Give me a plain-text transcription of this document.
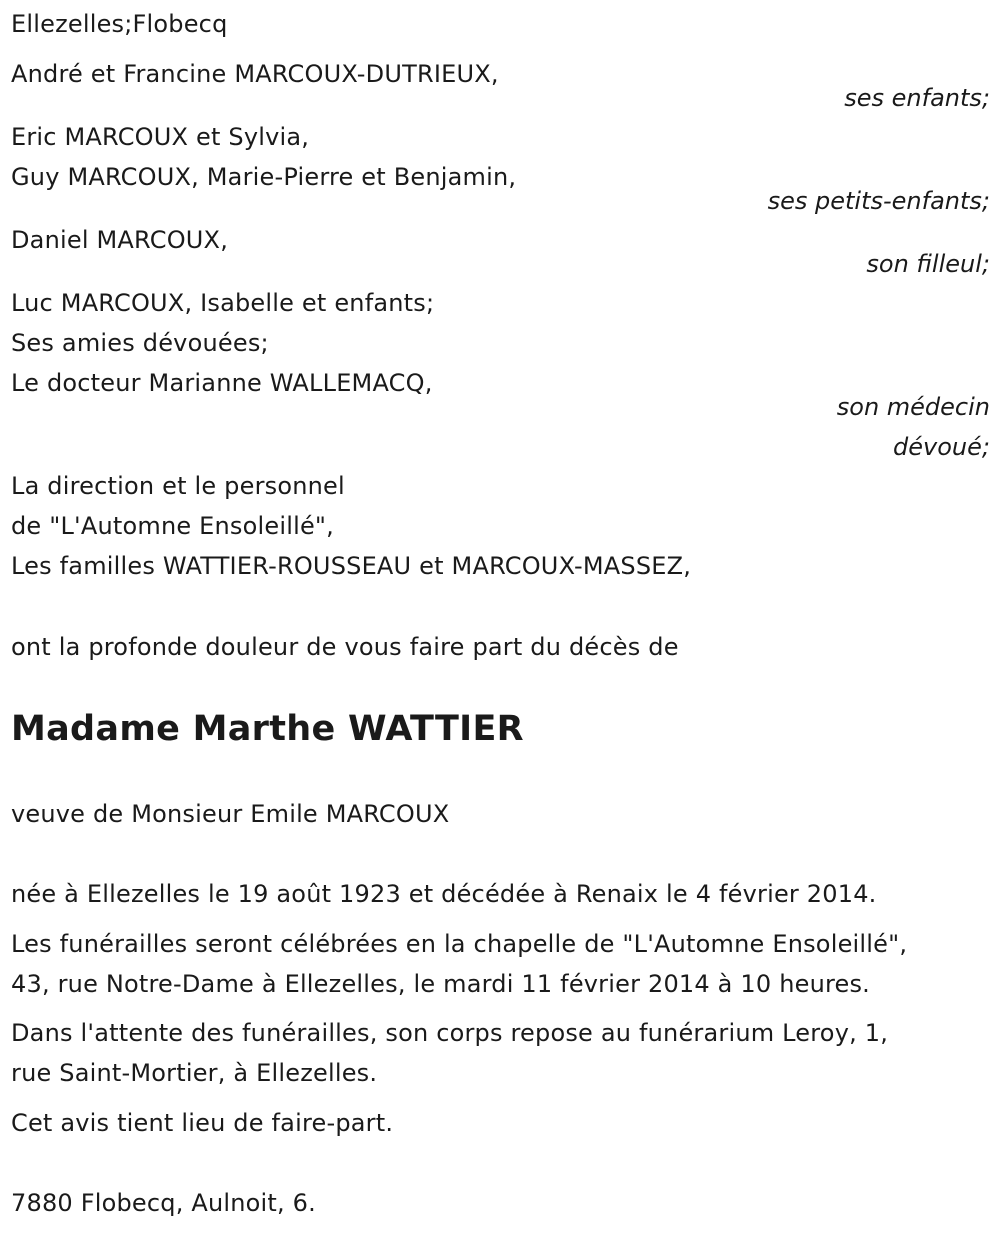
Ellezelles;Flobecq
André et Francine MARCOUX-DUTRIEUX,
ses enfants;
Eric MARCOUX et Sylvia,
Guy MARCOUX, Marie-Pierre et Benjamin,
ses petits-enfants;
Daniel MARCOUX,
son filleul;
Luc MARCOUX, Isabelle et enfants;
Ses amies dévouées;
Le docteur Marianne WALLEMACQ,
son médecin
dévoué;
La direction et le personnel
de "L'Automne Ensoleillé",
Les familles WATTIER-ROUSSEAU et MARCOUX-MASSEZ,
ont la profonde douleur de vous faire part du décès de
Madame Marthe WATTIER
veuve de Monsieur Emile MARCOUX
née à Ellezelles le 19 août 1923 et décédée à Renaix le 4 février 2014.
Les funérailles seront célébrées en la chapelle de "L'Automne Ensoleillé",
43, rue Notre-Dame à Ellezelles, le mardi 11 février 2014 à 10 heures.
Dans l'attente des funérailles, son corps repose au funérarium Leroy, 1,
rue Saint-Mortier, à Ellezelles.
Cet avis tient lieu de faire-part.
7880 Flobecq, Aulnoit, 6.
